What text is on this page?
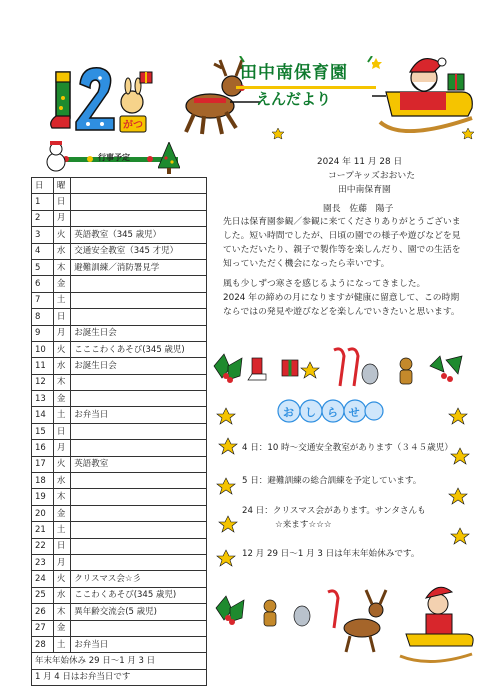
がつ
田中南保育園
えんだより
行事予定
日	曜	
1	日	
2	月	
3	火	英語教室（345 歳児）
4	水	交通安全教室（345 才児）
5	木	避難訓練／消防署見学
6	金	
7	土	
8	日	
9	月	お誕生日会
10	火	こここわくあそび(345 歳児)
11	水	お誕生日会
12	木	
13	金	
14	土	お弁当日
15	日	
16	月	
17	火	英語教室
18	水	
19	木	
20	金	
21	土	
22	日	
23	月	
24	火	クリスマス会☆彡
25	水	ここわくあそび(345 歳児)
26	木	異年齢交流会(5 歳児)
27	金	
28	土	お弁当日
年末年始休み 29 日～1 月 3 日		
1 月 4 日はお弁当日です		
2024 年 11 月 28 日
コープキッズおおいた
田中南保育園
園長　佐藤　陽子
先日は保育園参観／参観に来てくださりありがとうございま
した。短い時間でしたが、日頃の園での様子や遊びなどを見
ていただいたり、親子で製作等を楽しんだり、園での生活を
知っていただく機会になったら幸いです。
風も少しずつ寒さを感じるようになってきました。
2024 年の締めの月になりますが健康に留意して、この時期
ならではの発見や遊びなどを楽しんでいきたいと思います。
おしらせ
4 日：10 時～交通安全教室があります（３４５歳児）
5 日：避難訓練の総合訓練を予定しています。
24 日：クリスマス会があります。サンタさんも
☆来ます☆☆☆
12 月 29 日～1 月 3 日は年末年始休みです。
